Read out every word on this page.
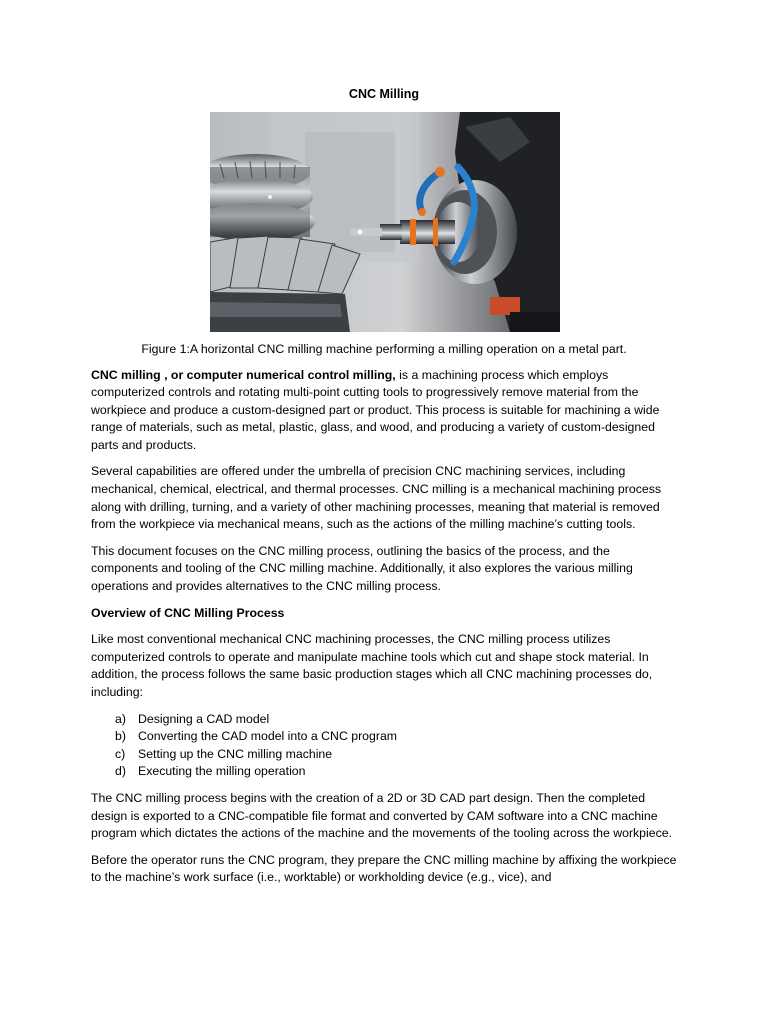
CNC Milling
Figure 1:A horizontal CNC milling machine performing a milling operation on a metal part.

CNC milling , or computer numerical control milling, is a machining process which employs computerized controls and rotating multi-point cutting tools to progressively remove material from the workpiece and produce a custom-designed part or product. This process is suitable for machining a wide range of materials, such as metal, plastic, glass, and wood, and producing a variety of custom-designed parts and products.

Several capabilities are offered under the umbrella of precision CNC machining services, including mechanical, chemical, electrical, and thermal processes. CNC milling is a mechanical machining process along with drilling, turning, and a variety of other machining processes, meaning that material is removed from the workpiece via mechanical means, such as the actions of the milling machine’s cutting tools.

This document focuses on the CNC milling process, outlining the basics of the process, and the components and tooling of the CNC milling machine. Additionally, it also explores the various milling operations and provides alternatives to the CNC milling process.

Overview of CNC Milling Process

Like most conventional mechanical CNC machining processes, the CNC milling process utilizes computerized controls to operate and manipulate machine tools which cut and shape stock material. In addition, the process follows the same basic production stages which all CNC machining processes do, including:

a) Designing a CAD model
b) Converting the CAD model into a CNC program
c)	Setting up the CNC milling machine
d) Executing the milling operation

The CNC milling process begins with the creation of a 2D or 3D CAD part design. Then the completed design is exported to a CNC-compatible file format and converted by CAM software into a CNC machine program which dictates the actions of the machine and the movements of the tooling across the workpiece.

Before the operator runs the CNC program, they prepare the CNC milling machine by affixing the workpiece to the machine’s work surface (i.e., worktable) or workholding device (e.g., vice), and
